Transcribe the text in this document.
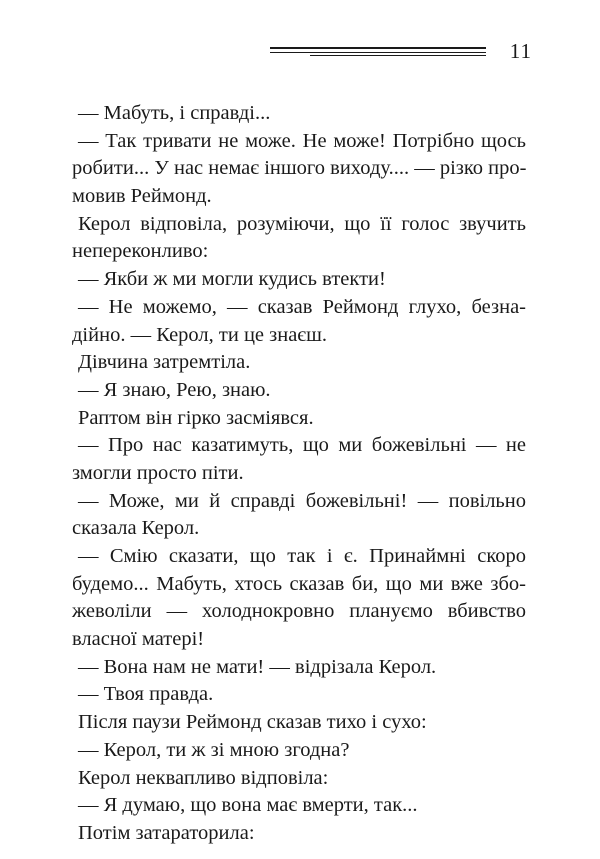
11
— Мабуть, і справді...
— Так тривати не може. Не може! Потрібно щось
робити... У нас немає іншого виходу.... — різко про-
мовив Реймонд.
Керол відповіла, розуміючи, що її голос звучить
непереконливо:
— Якби ж ми могли кудись втекти!
— Не можемо, — сказав Реймонд глухо, безна-
дійно. — Керол, ти це знаєш.
Дівчина затремтіла.
— Я знаю, Рею, знаю.
Раптом він гірко засміявся.
— Про нас казатимуть, що ми божевільні — не
змогли просто піти.
— Може, ми й справді божевільні! — повільно
сказала Керол.
— Смію сказати, що так і є. Принаймні скоро
будемо... Мабуть, хтось сказав би, що ми вже збо-
жеволіли — холоднокровно плануємо вбивство
власної матері!
— Вона нам не мати! — відрізала Керол.
— Твоя правда.
Після паузи Реймонд сказав тихо і сухо:
— Керол, ти ж зі мною згодна?
Керол неквапливо відповіла:
— Я думаю, що вона має вмерти, так...
Потім затараторила:
